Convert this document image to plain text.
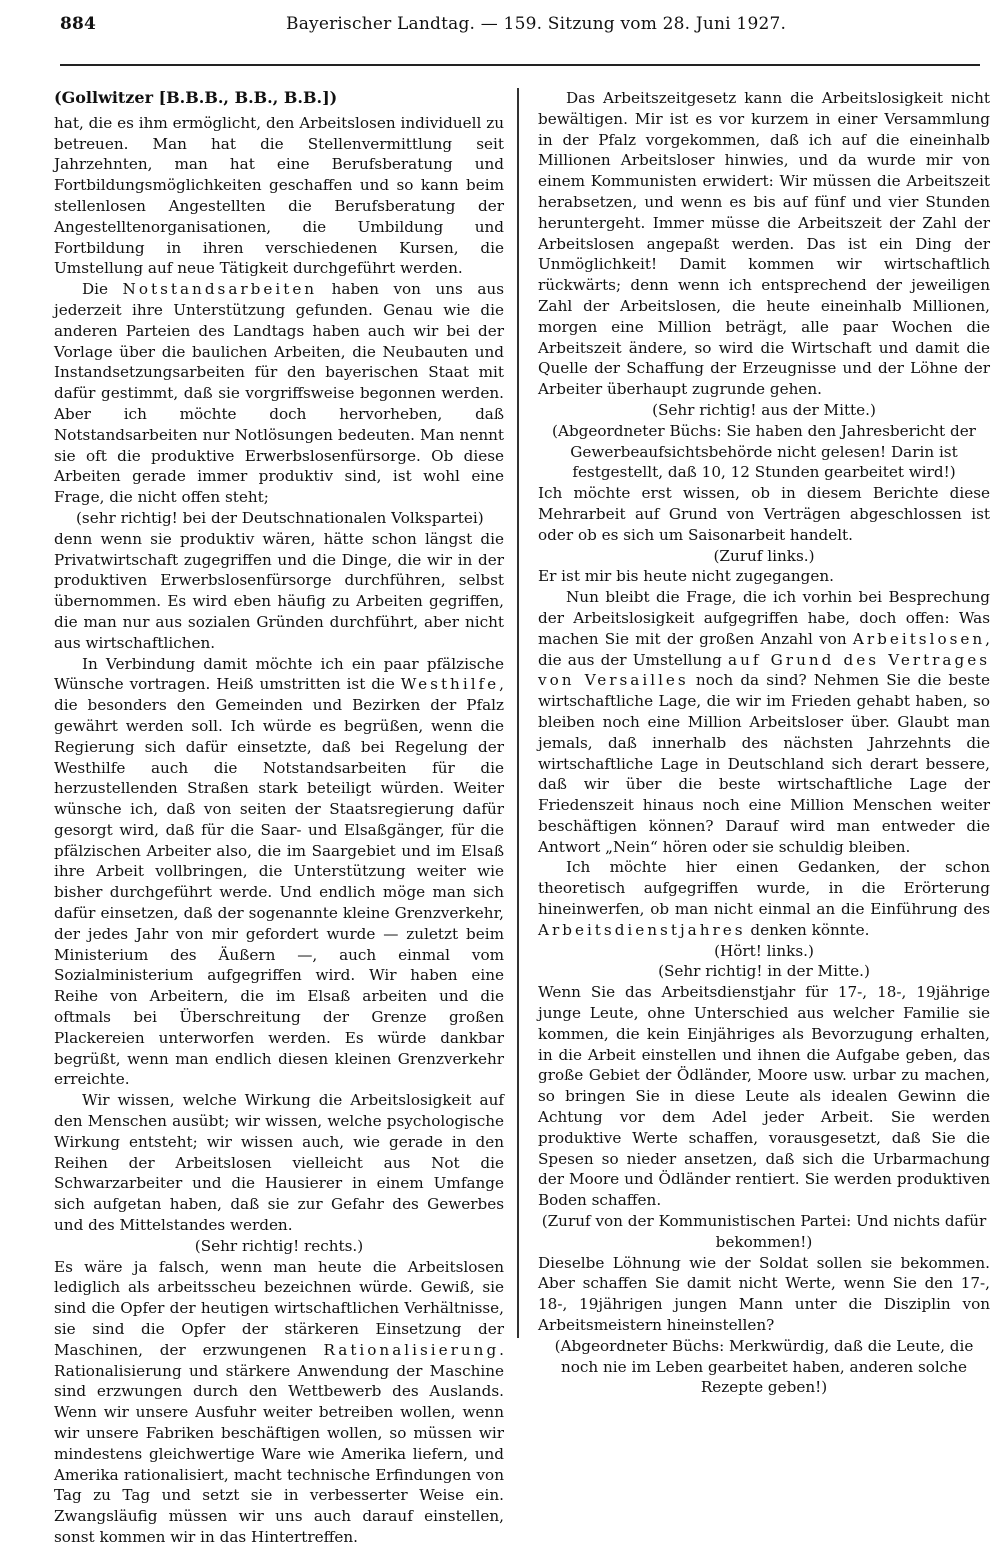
884	Bayerischer Landtag. — 159. Sitzung vom 28. Juni 1927.

(Gollwitzer [B.B.B., B.B., B.B.])

hat, die es ihm ermöglicht, den Arbeitslosen individuell zu betreuen. Man hat die Stellenvermittlung seit Jahrzehnten, man hat eine Berufsberatung und Fortbildungsmöglichkeiten geschaffen und so kann beim stellenlosen Angestellten die Berufsberatung der Angestelltenorganisationen, die Umbildung und Fortbildung in ihren verschiedenen Kursen, die Umstellung auf neue Tätigkeit durchgeführt werden.

Die Notstandsarbeiten haben von uns aus jederzeit ihre Unterstützung gefunden. Genau wie die anderen Parteien des Landtags haben auch wir bei der Vorlage über die baulichen Arbeiten, die Neubauten und Instandsetzungsarbeiten für den bayerischen Staat mit dafür gestimmt, daß sie vorgriffsweise begonnen werden. Aber ich möchte doch hervorheben, daß Notstandsarbeiten nur Notlösungen bedeuten. Man nennt sie oft die produktive Erwerbslosenfürsorge. Ob diese Arbeiten gerade immer produktiv sind, ist wohl eine Frage, die nicht offen steht;

(sehr richtig! bei der Deutschnationalen Volkspartei)

denn wenn sie produktiv wären, hätte schon längst die Privatwirtschaft zugegriffen und die Dinge, die wir in der produktiven Erwerbslosenfürsorge durchführen, selbst übernommen. Es wird eben häufig zu Arbeiten gegriffen, die man nur aus sozialen Gründen durchführt, aber nicht aus wirtschaftlichen.

In Verbindung damit möchte ich ein paar pfälzische Wünsche vortragen. Heiß umstritten ist die Westhilfe, die besonders den Gemeinden und Bezirken der Pfalz gewährt werden soll. Ich würde es begrüßen, wenn die Regierung sich dafür einsetzte, daß bei Regelung der Westhilfe auch die Notstandsarbeiten für die herzustellenden Straßen stark beteiligt würden. Weiter wünsche ich, daß von seiten der Staatsregierung dafür gesorgt wird, daß für die Saar- und Elsaßgänger, für die pfälzischen Arbeiter also, die im Saargebiet und im Elsaß ihre Arbeit vollbringen, die Unterstützung weiter wie bisher durchgeführt werde. Und endlich möge man sich dafür einsetzen, daß der sogenannte kleine Grenzverkehr, der jedes Jahr von mir gefordert wurde — zuletzt beim Ministerium des Äußern —, auch einmal vom Sozialministerium aufgegriffen wird. Wir haben eine Reihe von Arbeitern, die im Elsaß arbeiten und die oftmals bei Überschreitung der Grenze großen Plackereien unterworfen werden. Es würde dankbar begrüßt, wenn man endlich diesen kleinen Grenzverkehr erreichte.

Wir wissen, welche Wirkung die Arbeitslosigkeit auf den Menschen ausübt; wir wissen, welche psychologische Wirkung entsteht; wir wissen auch, wie gerade in den Reihen der Arbeitslosen vielleicht aus Not die Schwarzarbeiter und die Hausierer in einem Umfange sich aufgetan haben, daß sie zur Gefahr des Gewerbes und des Mittelstandes werden.

(Sehr richtig! rechts.)

Es wäre ja falsch, wenn man heute die Arbeitslosen lediglich als arbeitsscheu bezeichnen würde. Gewiß, sie sind die Opfer der heutigen wirtschaftlichen Verhältnisse, sie sind die Opfer der stärkeren Einsetzung der Maschinen, der erzwungenen Rationalisierung. Rationalisierung und stärkere Anwendung der Maschine sind erzwungen durch den Wettbewerb des Auslands. Wenn wir unsere Ausfuhr weiter betreiben wollen, wenn wir unsere Fabriken beschäftigen wollen, so müssen wir mindestens gleichwertige Ware wie Amerika liefern, und Amerika rationalisiert, macht technische Erfindungen von Tag zu Tag und setzt sie in verbesserter Weise ein. Zwangsläufig müssen wir uns auch darauf einstellen, sonst kommen wir in das Hintertreffen.

Das Arbeitszeitgesetz kann die Arbeitslosigkeit nicht bewältigen. Mir ist es vor kurzem in einer Versammlung in der Pfalz vorgekommen, daß ich auf die eineinhalb Millionen Arbeitsloser hinwies, und da wurde mir von einem Kommunisten erwidert: Wir müssen die Arbeitszeit herabsetzen, und wenn es bis auf fünf und vier Stunden heruntergeht. Immer müsse die Arbeitszeit der Zahl der Arbeitslosen angepaßt werden. Das ist ein Ding der Unmöglichkeit! Damit kommen wir wirtschaftlich rückwärts; denn wenn ich entsprechend der jeweiligen Zahl der Arbeitslosen, die heute eineinhalb Millionen, morgen eine Million beträgt, alle paar Wochen die Arbeitszeit ändere, so wird die Wirtschaft und damit die Quelle der Schaffung der Erzeugnisse und der Löhne der Arbeiter überhaupt zugrunde gehen.

(Sehr richtig! aus der Mitte.)

(Abgeordneter Büchs: Sie haben den Jahresbericht der Gewerbeaufsichtsbehörde nicht gelesen! Darin ist festgestellt, daß 10, 12 Stunden gearbeitet wird!)

Ich möchte erst wissen, ob in diesem Berichte diese Mehrarbeit auf Grund von Verträgen abgeschlossen ist oder ob es sich um Saisonarbeit handelt.

(Zuruf links.)

Er ist mir bis heute nicht zugegangen.

Nun bleibt die Frage, die ich vorhin bei Besprechung der Arbeitslosigkeit aufgegriffen habe, doch offen: Was machen Sie mit der großen Anzahl von Arbeitslosen, die aus der Umstellung auf Grund des Vertrages von Versailles noch da sind? Nehmen Sie die beste wirtschaftliche Lage, die wir im Frieden gehabt haben, so bleiben noch eine Million Arbeitsloser über. Glaubt man jemals, daß innerhalb des nächsten Jahrzehnts die wirtschaftliche Lage in Deutschland sich derart bessere, daß wir über die beste wirtschaftliche Lage der Friedenszeit hinaus noch eine Million Menschen weiter beschäftigen können? Darauf wird man entweder die Antwort „Nein“ hören oder sie schuldig bleiben.

Ich möchte hier einen Gedanken, der schon theoretisch aufgegriffen wurde, in die Erörterung hineinwerfen, ob man nicht einmal an die Einführung des Arbeitsdienstjahres denken könnte.

(Hört! links.)

(Sehr richtig! in der Mitte.)

Wenn Sie das Arbeitsdienstjahr für 17-, 18-, 19jährige junge Leute, ohne Unterschied aus welcher Familie sie kommen, die kein Einjähriges als Bevorzugung erhalten, in die Arbeit einstellen und ihnen die Aufgabe geben, das große Gebiet der Ödländer, Moore usw. urbar zu machen, so bringen Sie in diese Leute als idealen Gewinn die Achtung vor dem Adel jeder Arbeit. Sie werden produktive Werte schaffen, vorausgesetzt, daß Sie die Spesen so nieder ansetzen, daß sich die Urbarmachung der Moore und Ödländer rentiert. Sie werden produktiven Boden schaffen.

(Zuruf von der Kommunistischen Partei: Und nichts dafür bekommen!)

Dieselbe Löhnung wie der Soldat sollen sie bekommen. Aber schaffen Sie damit nicht Werte, wenn Sie den 17-, 18-, 19jährigen jungen Mann unter die Disziplin von Arbeitsmeistern hineinstellen?

(Abgeordneter Büchs: Merkwürdig, daß die Leute, die noch nie im Leben gearbeitet haben, anderen solche Rezepte geben!)
